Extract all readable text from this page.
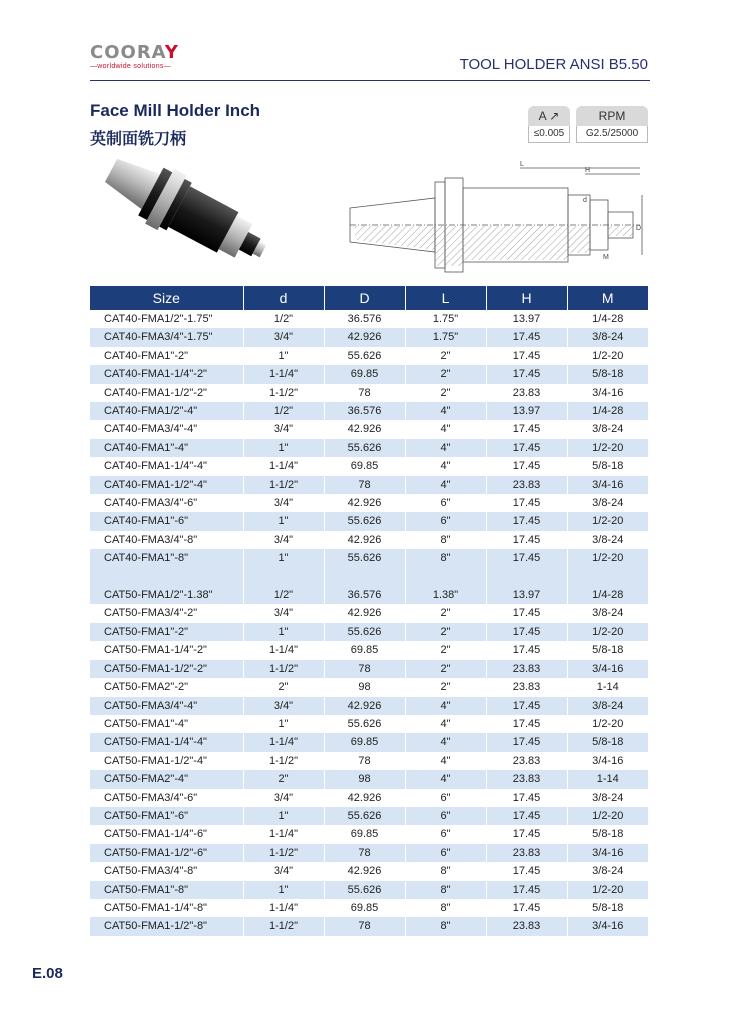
COORAY
—worldwide solutions—	TOOL HOLDER ANSI B5.50
Face Mill Holder Inch
英制面铣刀柄
A ↗
≤0.005
RPM
G2.5/25000
L
H
d
D
M
Size	d	D	L	H	M
CAT40-FMA1/2"-1.75"	1/2"	36.576	1.75"	13.97	1/4-28
CAT40-FMA3/4"-1.75"	3/4"	42.926	1.75"	17.45	3/8-24
CAT40-FMA1"-2"	1"	55.626	2"	17.45	1/2-20
CAT40-FMA1-1/4"-2"	1-1/4"	69.85	2"	17.45	5/8-18
CAT40-FMA1-1/2"-2"	1-1/2"	78	2"	23.83	3/4-16
CAT40-FMA1/2"-4"	1/2"	36.576	4"	13.97	1/4-28
CAT40-FMA3/4"-4"	3/4"	42.926	4"	17.45	3/8-24
CAT40-FMA1"-4"	1"	55.626	4"	17.45	1/2-20
CAT40-FMA1-1/4"-4"	1-1/4"	69.85	4"	17.45	5/8-18
CAT40-FMA1-1/2"-4"	1-1/2"	78	4"	23.83	3/4-16
CAT40-FMA3/4"-6"	3/4"	42.926	6"	17.45	3/8-24
CAT40-FMA1"-6"	1"	55.626	6"	17.45	1/2-20
CAT40-FMA3/4"-8"	3/4"	42.926	8"	17.45	3/8-24
CAT40-FMA1"-8"	1"	55.626	8"	17.45	1/2-20

CAT50-FMA1/2"-1.38"	1/2"	36.576	1.38"	13.97	1/4-28
CAT50-FMA3/4"-2"	3/4"	42.926	2"	17.45	3/8-24
CAT50-FMA1"-2"	1"	55.626	2"	17.45	1/2-20
CAT50-FMA1-1/4"-2"	1-1/4"	69.85	2"	17.45	5/8-18
CAT50-FMA1-1/2"-2"	1-1/2"	78	2"	23.83	3/4-16
CAT50-FMA2"-2"	2"	98	2"	23.83	1-14
CAT50-FMA3/4"-4"	3/4"	42.926	4"	17.45	3/8-24
CAT50-FMA1"-4"	1"	55.626	4"	17.45	1/2-20
CAT50-FMA1-1/4"-4"	1-1/4"	69.85	4"	17.45	5/8-18
CAT50-FMA1-1/2"-4"	1-1/2"	78	4"	23.83	3/4-16
CAT50-FMA2"-4"	2"	98	4"	23.83	1-14
CAT50-FMA3/4"-6"	3/4"	42.926	6"	17.45	3/8-24
CAT50-FMA1"-6"	1"	55.626	6"	17.45	1/2-20
CAT50-FMA1-1/4"-6"	1-1/4"	69.85	6"	17.45	5/8-18
CAT50-FMA1-1/2"-6"	1-1/2"	78	6"	23.83	3/4-16
CAT50-FMA3/4"-8"	3/4"	42.926	8"	17.45	3/8-24
CAT50-FMA1"-8"	1"	55.626	8"	17.45	1/2-20
CAT50-FMA1-1/4"-8"	1-1/4"	69.85	8"	17.45	5/8-18
CAT50-FMA1-1/2"-8"	1-1/2"	78	8"	23.83	3/4-16
E.08
